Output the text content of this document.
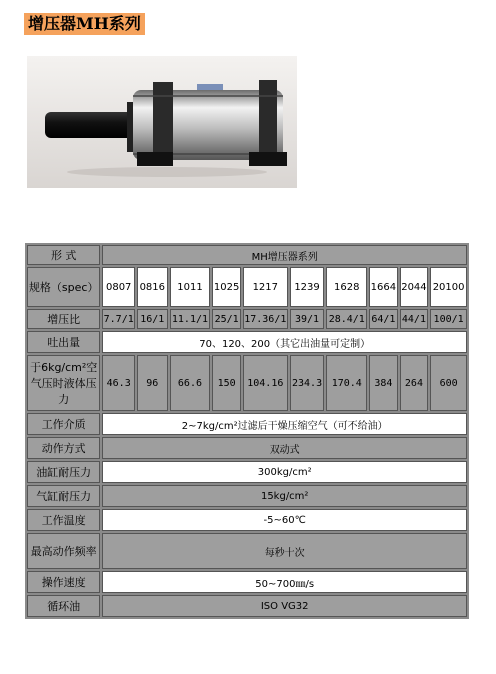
增压器MH系列
形 式	MH增压器系列									
规格（spec）	0807	0816	1011	1025	1217	1239	1628	1664	2044	20100
增压比	7.7/1	16/1	11.1/1	25/1	17.36/1	39/1	28.4/1	64/1	44/1	100/1
吐出量	70、120、200（其它出油量可定制）									
于6kg/cm²空气压时液体压力	46.3	96	66.6	150	104.16	234.3	170.4	384	264	600
工作介质	2~7kg/cm²过滤后干燥压缩空气（可不给油）									
动作方式	双动式									
油缸耐压力	300kg/cm²									
气缸耐压力	15kg/cm²									
工作温度	-5~60℃									
最高动作频率	每秒十次									
操作速度	50~700㎜/s									
循环油	ISO VG32									
